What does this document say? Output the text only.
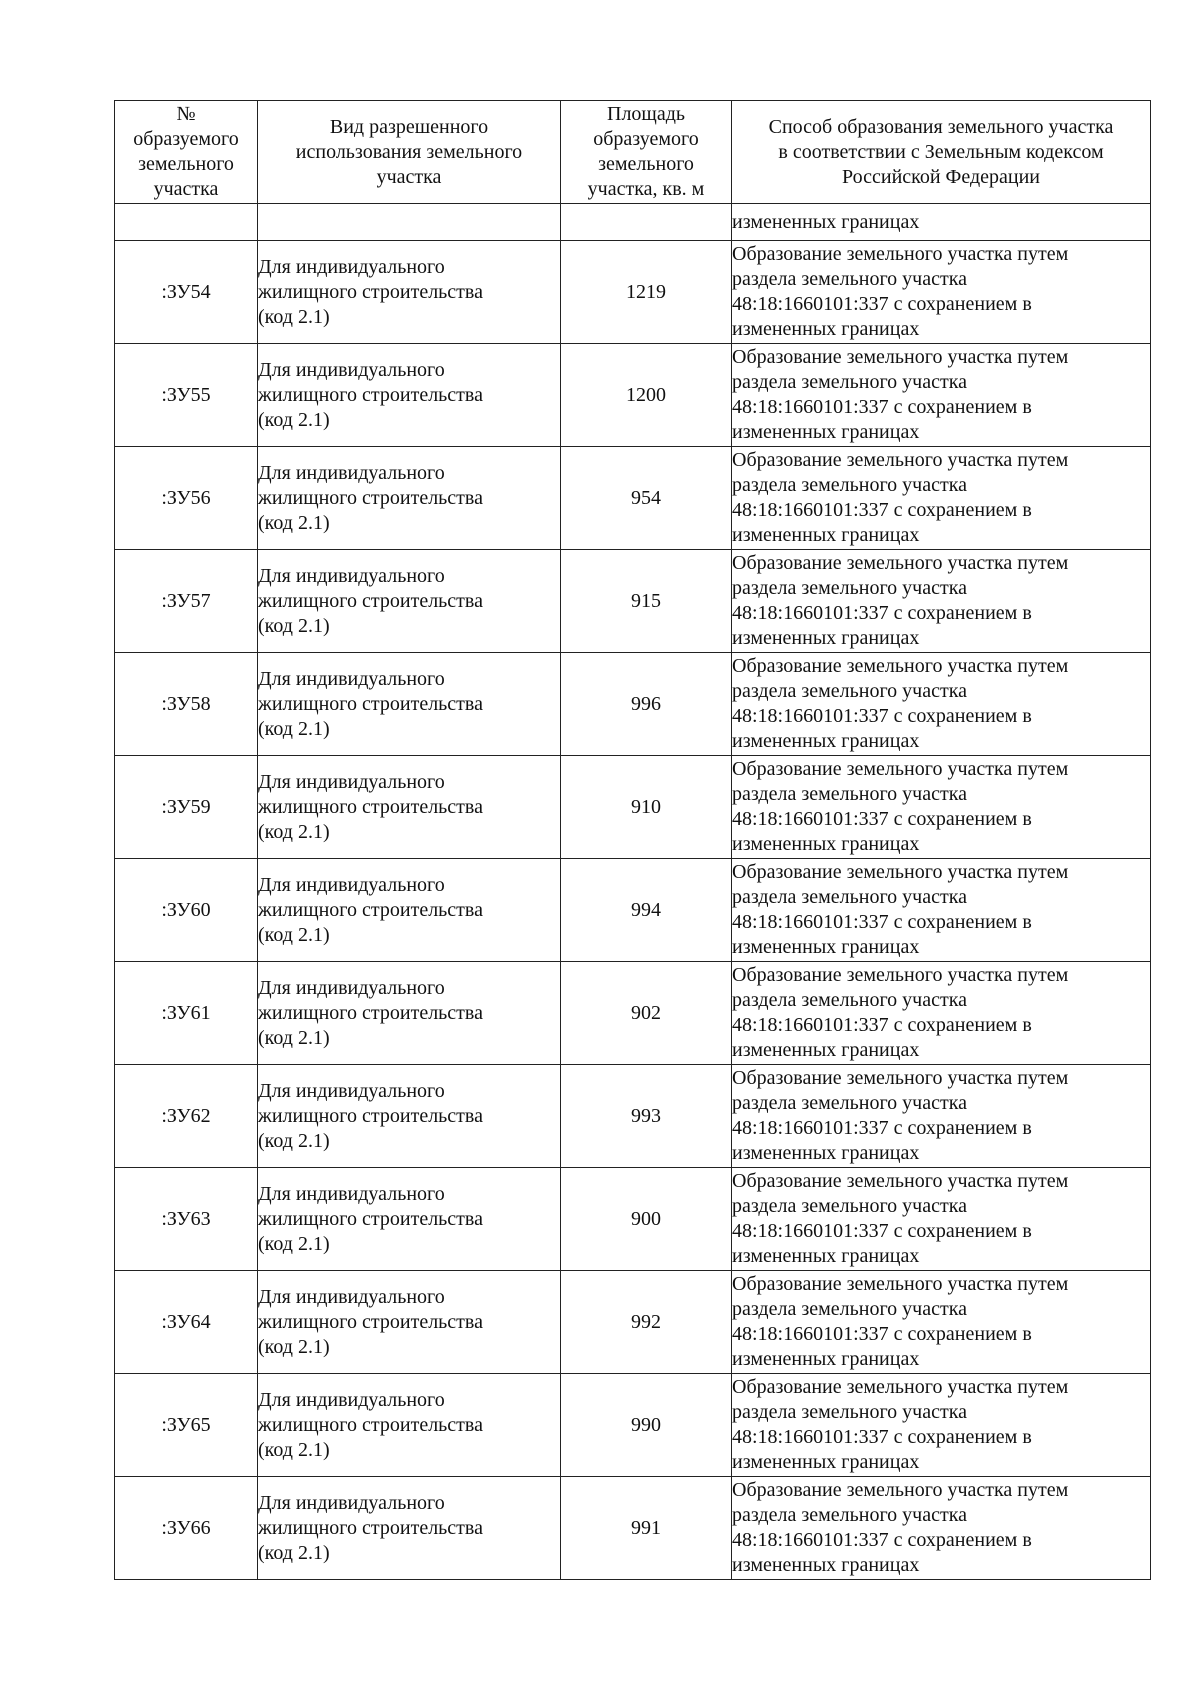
№
образуемого
земельного
участка	Вид разрешенного
использования земельного
участка	Площадь
образуемого
земельного
участка, кв. м	Способ образования земельного участка
в соответствии с Земельным кодексом
Российской Федерации

			измененных границах
:ЗУ54	Для индивидуального
жилищного строительства
(код 2.1)	1219	Образование земельного участка путем
раздела земельного участка
48:18:1660101:337 с сохранением в
измененных границах

:ЗУ55	Для индивидуального
жилищного строительства
(код 2.1)	1200	Образование земельного участка путем
раздела земельного участка
48:18:1660101:337 с сохранением в
измененных границах

:ЗУ56	Для индивидуального
жилищного строительства
(код 2.1)	954	Образование земельного участка путем
раздела земельного участка
48:18:1660101:337 с сохранением в
измененных границах

:ЗУ57	Для индивидуального
жилищного строительства
(код 2.1)	915	Образование земельного участка путем
раздела земельного участка
48:18:1660101:337 с сохранением в
измененных границах

:ЗУ58	Для индивидуального
жилищного строительства
(код 2.1)	996	Образование земельного участка путем
раздела земельного участка
48:18:1660101:337 с сохранением в
измененных границах

:ЗУ59	Для индивидуального
жилищного строительства
(код 2.1)	910	Образование земельного участка путем
раздела земельного участка
48:18:1660101:337 с сохранением в
измененных границах

:ЗУ60	Для индивидуального
жилищного строительства
(код 2.1)	994	Образование земельного участка путем
раздела земельного участка
48:18:1660101:337 с сохранением в
измененных границах

:ЗУ61	Для индивидуального
жилищного строительства
(код 2.1)	902	Образование земельного участка путем
раздела земельного участка
48:18:1660101:337 с сохранением в
измененных границах

:ЗУ62	Для индивидуального
жилищного строительства
(код 2.1)	993	Образование земельного участка путем
раздела земельного участка
48:18:1660101:337 с сохранением в
измененных границах

:ЗУ63	Для индивидуального
жилищного строительства
(код 2.1)	900	Образование земельного участка путем
раздела земельного участка
48:18:1660101:337 с сохранением в
измененных границах

:ЗУ64	Для индивидуального
жилищного строительства
(код 2.1)	992	Образование земельного участка путем
раздела земельного участка
48:18:1660101:337 с сохранением в
измененных границах

:ЗУ65	Для индивидуального
жилищного строительства
(код 2.1)	990	Образование земельного участка путем
раздела земельного участка
48:18:1660101:337 с сохранением в
измененных границах

:ЗУ66	Для индивидуального
жилищного строительства
(код 2.1)	991	Образование земельного участка путем
раздела земельного участка
48:18:1660101:337 с сохранением в
измененных границах
